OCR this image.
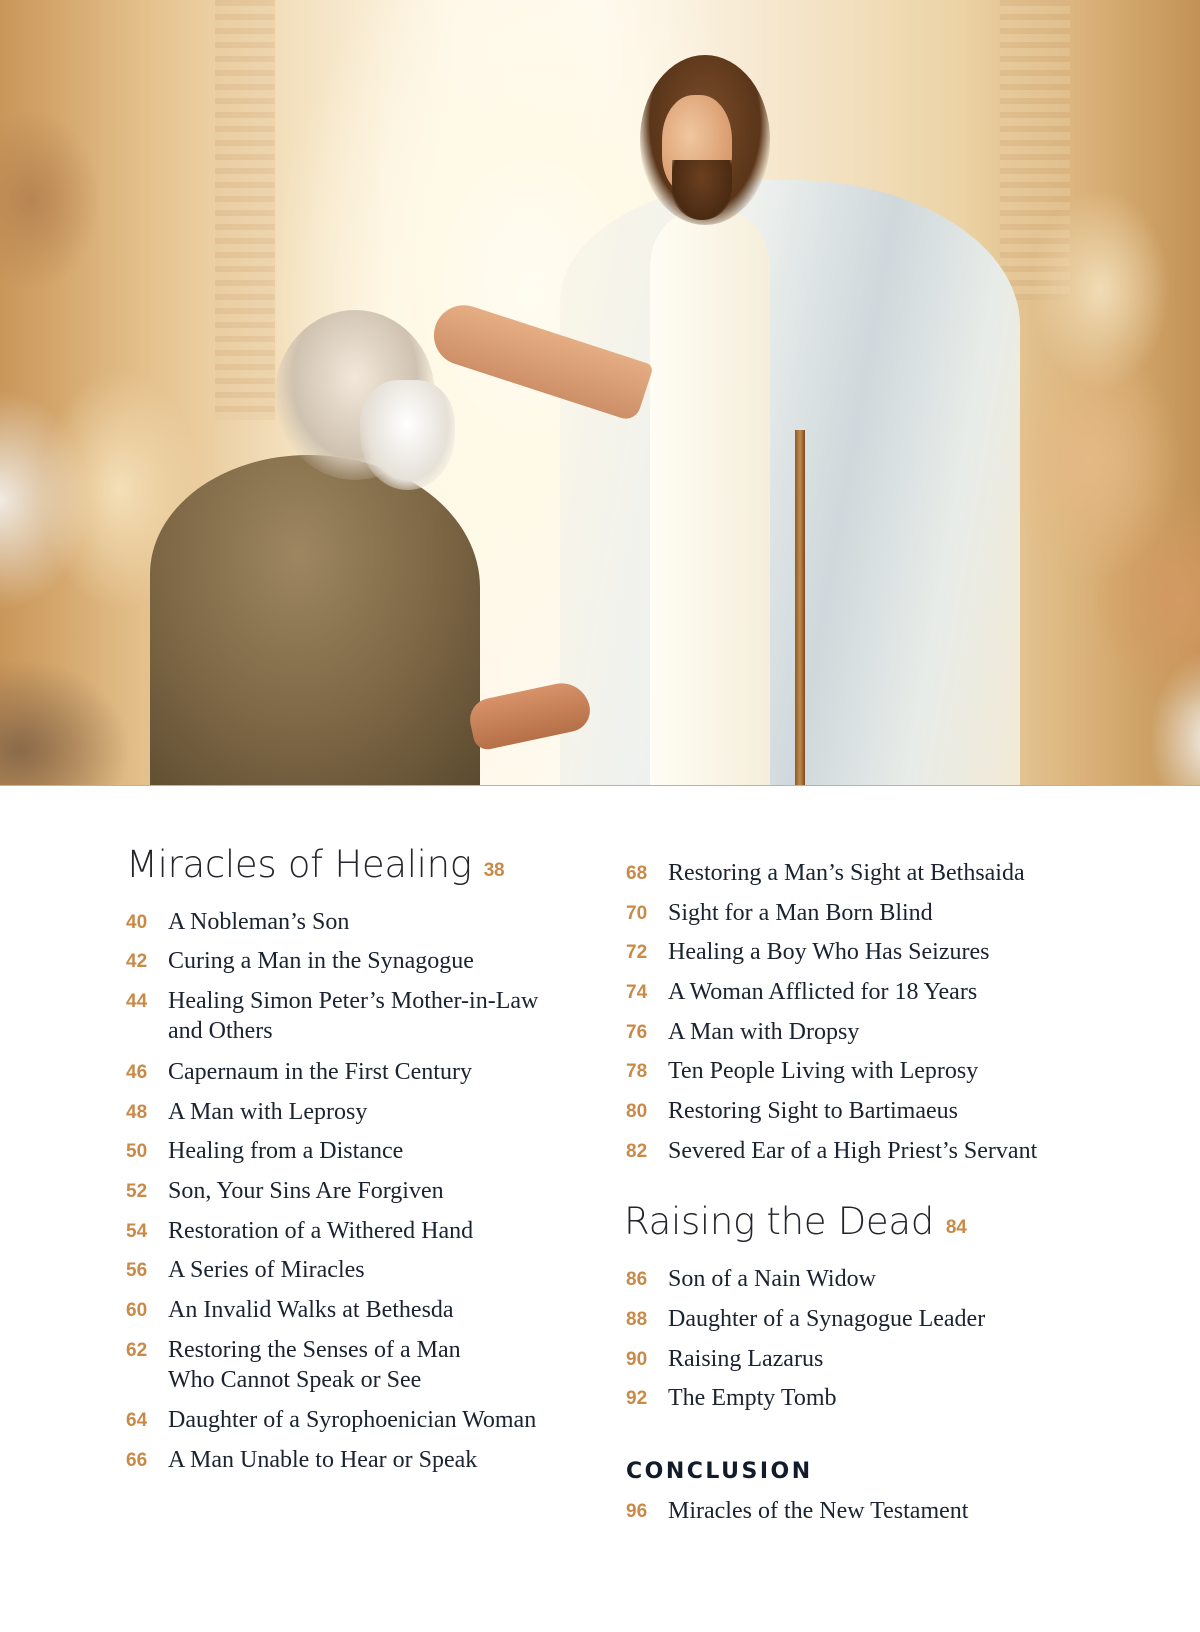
Miracles of Healing 38
40 A Nobleman’s Son
42 Curing a Man in the Synagogue
44 Healing Simon Peter’s Mother-in-Law
and Others
46 Capernaum in the First Century
48 A Man with Leprosy
50 Healing from a Distance
52 Son, Your Sins Are Forgiven
54 Restoration of a Withered Hand
56 A Series of Miracles
60 An Invalid Walks at Bethesda
62 Restoring the Senses of a Man
Who Cannot Speak or See
64 Daughter of a Syrophoenician Woman
66 A Man Unable to Hear or Speak
68 Restoring a Man’s Sight at Bethsaida
70 Sight for a Man Born Blind
72 Healing a Boy Who Has Seizures
74 A Woman Afflicted for 18 Years
76 A Man with Dropsy
78 Ten People Living with Leprosy
80 Restoring Sight to Bartimaeus
82 Severed Ear of a High Priest’s Servant
Raising the Dead 84
86 Son of a Nain Widow
88 Daughter of a Synagogue Leader
90 Raising Lazarus
92 The Empty Tomb
CONCLUSION
96 Miracles of the New Testament
